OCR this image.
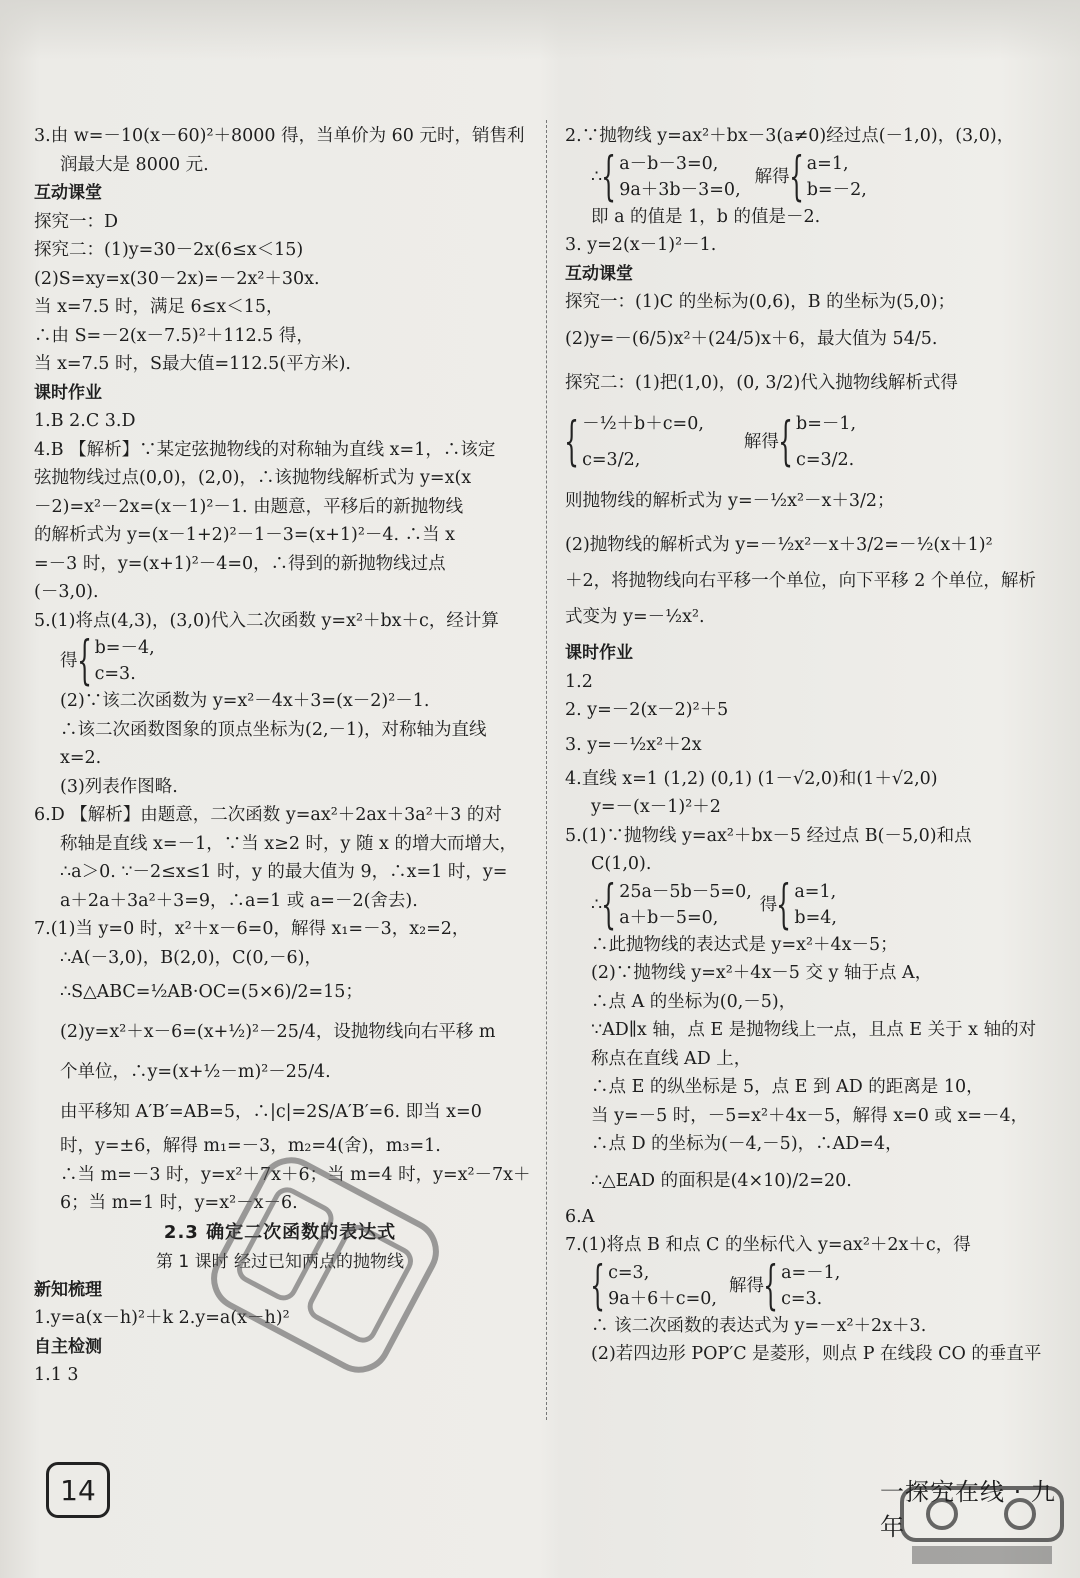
3.由 w=－10(x－60)²＋8000 得，当单价为 60 元时，销售利
润最大是 8000 元.
互动课堂
探究一：D
探究二：(1)y=30－2x(6≤x＜15)
(2)S=xy=x(30－2x)=－2x²＋30x.
当 x=7.5 时，满足 6≤x＜15，
∴由 S=－2(x－7.5)²＋112.5 得，
当 x=7.5 时，S最大值=112.5(平方米).
课时作业
1.B 2.C 3.D
4.B 【解析】∵某定弦抛物线的对称轴为直线 x=1，∴该定
弦抛物线过点(0,0)，(2,0)，∴该抛物线解析式为 y=x(x
－2)=x²－2x=(x－1)²－1. 由题意，平移后的新抛物线
的解析式为 y=(x－1+2)²－1－3=(x+1)²－4. ∴当 x
=－3 时，y=(x+1)²－4=0，∴得到的新抛物线过点
(－3,0).
5.(1)将点(4,3)，(3,0)代入二次函数 y=x²＋bx＋c，经计算
得 { b=－4,
c=3.
(2)∵该二次函数为 y=x²－4x＋3=(x－2)²－1.
∴该二次函数图象的顶点坐标为(2,－1)，对称轴为直线
x=2.
(3)列表作图略.
6.D 【解析】由题意，二次函数 y=ax²＋2ax＋3a²＋3 的对
称轴是直线 x=－1，∵当 x≥2 时，y 随 x 的增大而增大，
∴a＞0. ∵－2≤x≤1 时，y 的最大值为 9，∴x=1 时，y=
a＋2a＋3a²＋3=9，∴a=1 或 a=－2(舍去).
7.(1)当 y=0 时，x²＋x－6=0，解得 x₁=－3，x₂=2，
∴A(－3,0)，B(2,0)，C(0,－6)，
∴S△ABC=½AB·OC=(5×6)/2=15；
(2)y=x²＋x－6=(x+½)²－25/4，设抛物线向右平移 m
个单位，∴y=(x+½－m)²－25/4.
由平移知 A′B′=AB=5，∴|c|=2S/A′B′=6. 即当 x=0
时，y=±6，解得 m₁=－3，m₂=4(舍)，m₃=1.
∴当 m=－3 时，y=x²＋7x＋6；当 m=4 时，y=x²－7x＋
6；当 m=1 时，y=x²－x－6.
2.3 确定二次函数的表达式
第 1 课时 经过已知两点的抛物线
新知梳理
1.y=a(x－h)²＋k 2.y=a(x－h)²
自主检测
1.1 3
2.∵抛物线 y=ax²＋bx－3(a≠0)经过点(－1,0)，(3,0)，
∴ { a－b－3=0,
9a＋3b－3=0,
解得 { a=1,
b=－2,
即 a 的值是 1，b 的值是－2.
3. y=2(x－1)²－1.
互动课堂
探究一：(1)C 的坐标为(0,6)，B 的坐标为(5,0)；
(2)y=－(6/5)x²＋(24/5)x＋6，最大值为 54/5.
探究二：(1)把(1,0)，(0, 3/2)代入抛物线解析式得
{ －½＋b＋c=0,
c=3/2,
解得 { b=－1,
c=3/2.
则抛物线的解析式为 y=－½x²－x＋3/2；
(2)抛物线的解析式为 y=－½x²－x＋3/2=－½(x＋1)²
＋2，将抛物线向右平移一个单位，向下平移 2 个单位，解析
式变为 y=－½x².
课时作业
1.2
2. y=－2(x－2)²＋5
3. y=－½x²＋2x
4.直线 x=1 (1,2) (0,1) (1－√2,0)和(1＋√2,0)
y=－(x－1)²＋2
5.(1)∵抛物线 y=ax²＋bx－5 经过点 B(－5,0)和点
C(1,0).
∴ { 25a－5b－5=0,
a＋b－5=0,
得 { a=1,
b=4,
∴此抛物线的表达式是 y=x²＋4x－5；
(2)∵抛物线 y=x²＋4x－5 交 y 轴于点 A，
∴点 A 的坐标为(0,－5)，
∵AD∥x 轴，点 E 是抛物线上一点，且点 E 关于 x 轴的对
称点在直线 AD 上，
∴点 E 的纵坐标是 5，点 E 到 AD 的距离是 10，
当 y=－5 时，－5=x²＋4x－5，解得 x=0 或 x=－4，
∴点 D 的坐标为(－4,－5)，∴AD=4，
∴△EAD 的面积是(4×10)/2=20.
6.A
7.(1)将点 B 和点 C 的坐标代入 y=ax²＋2x＋c，得
{ c=3,
9a＋6＋c=0,
解得 { a=－1,
c=3.
∴ 该二次函数的表达式为 y=－x²＋2x＋3.
(2)若四边形 POP′C 是菱形，则点 P 在线段 CO 的垂直平
14	一探究在线 · 九年
